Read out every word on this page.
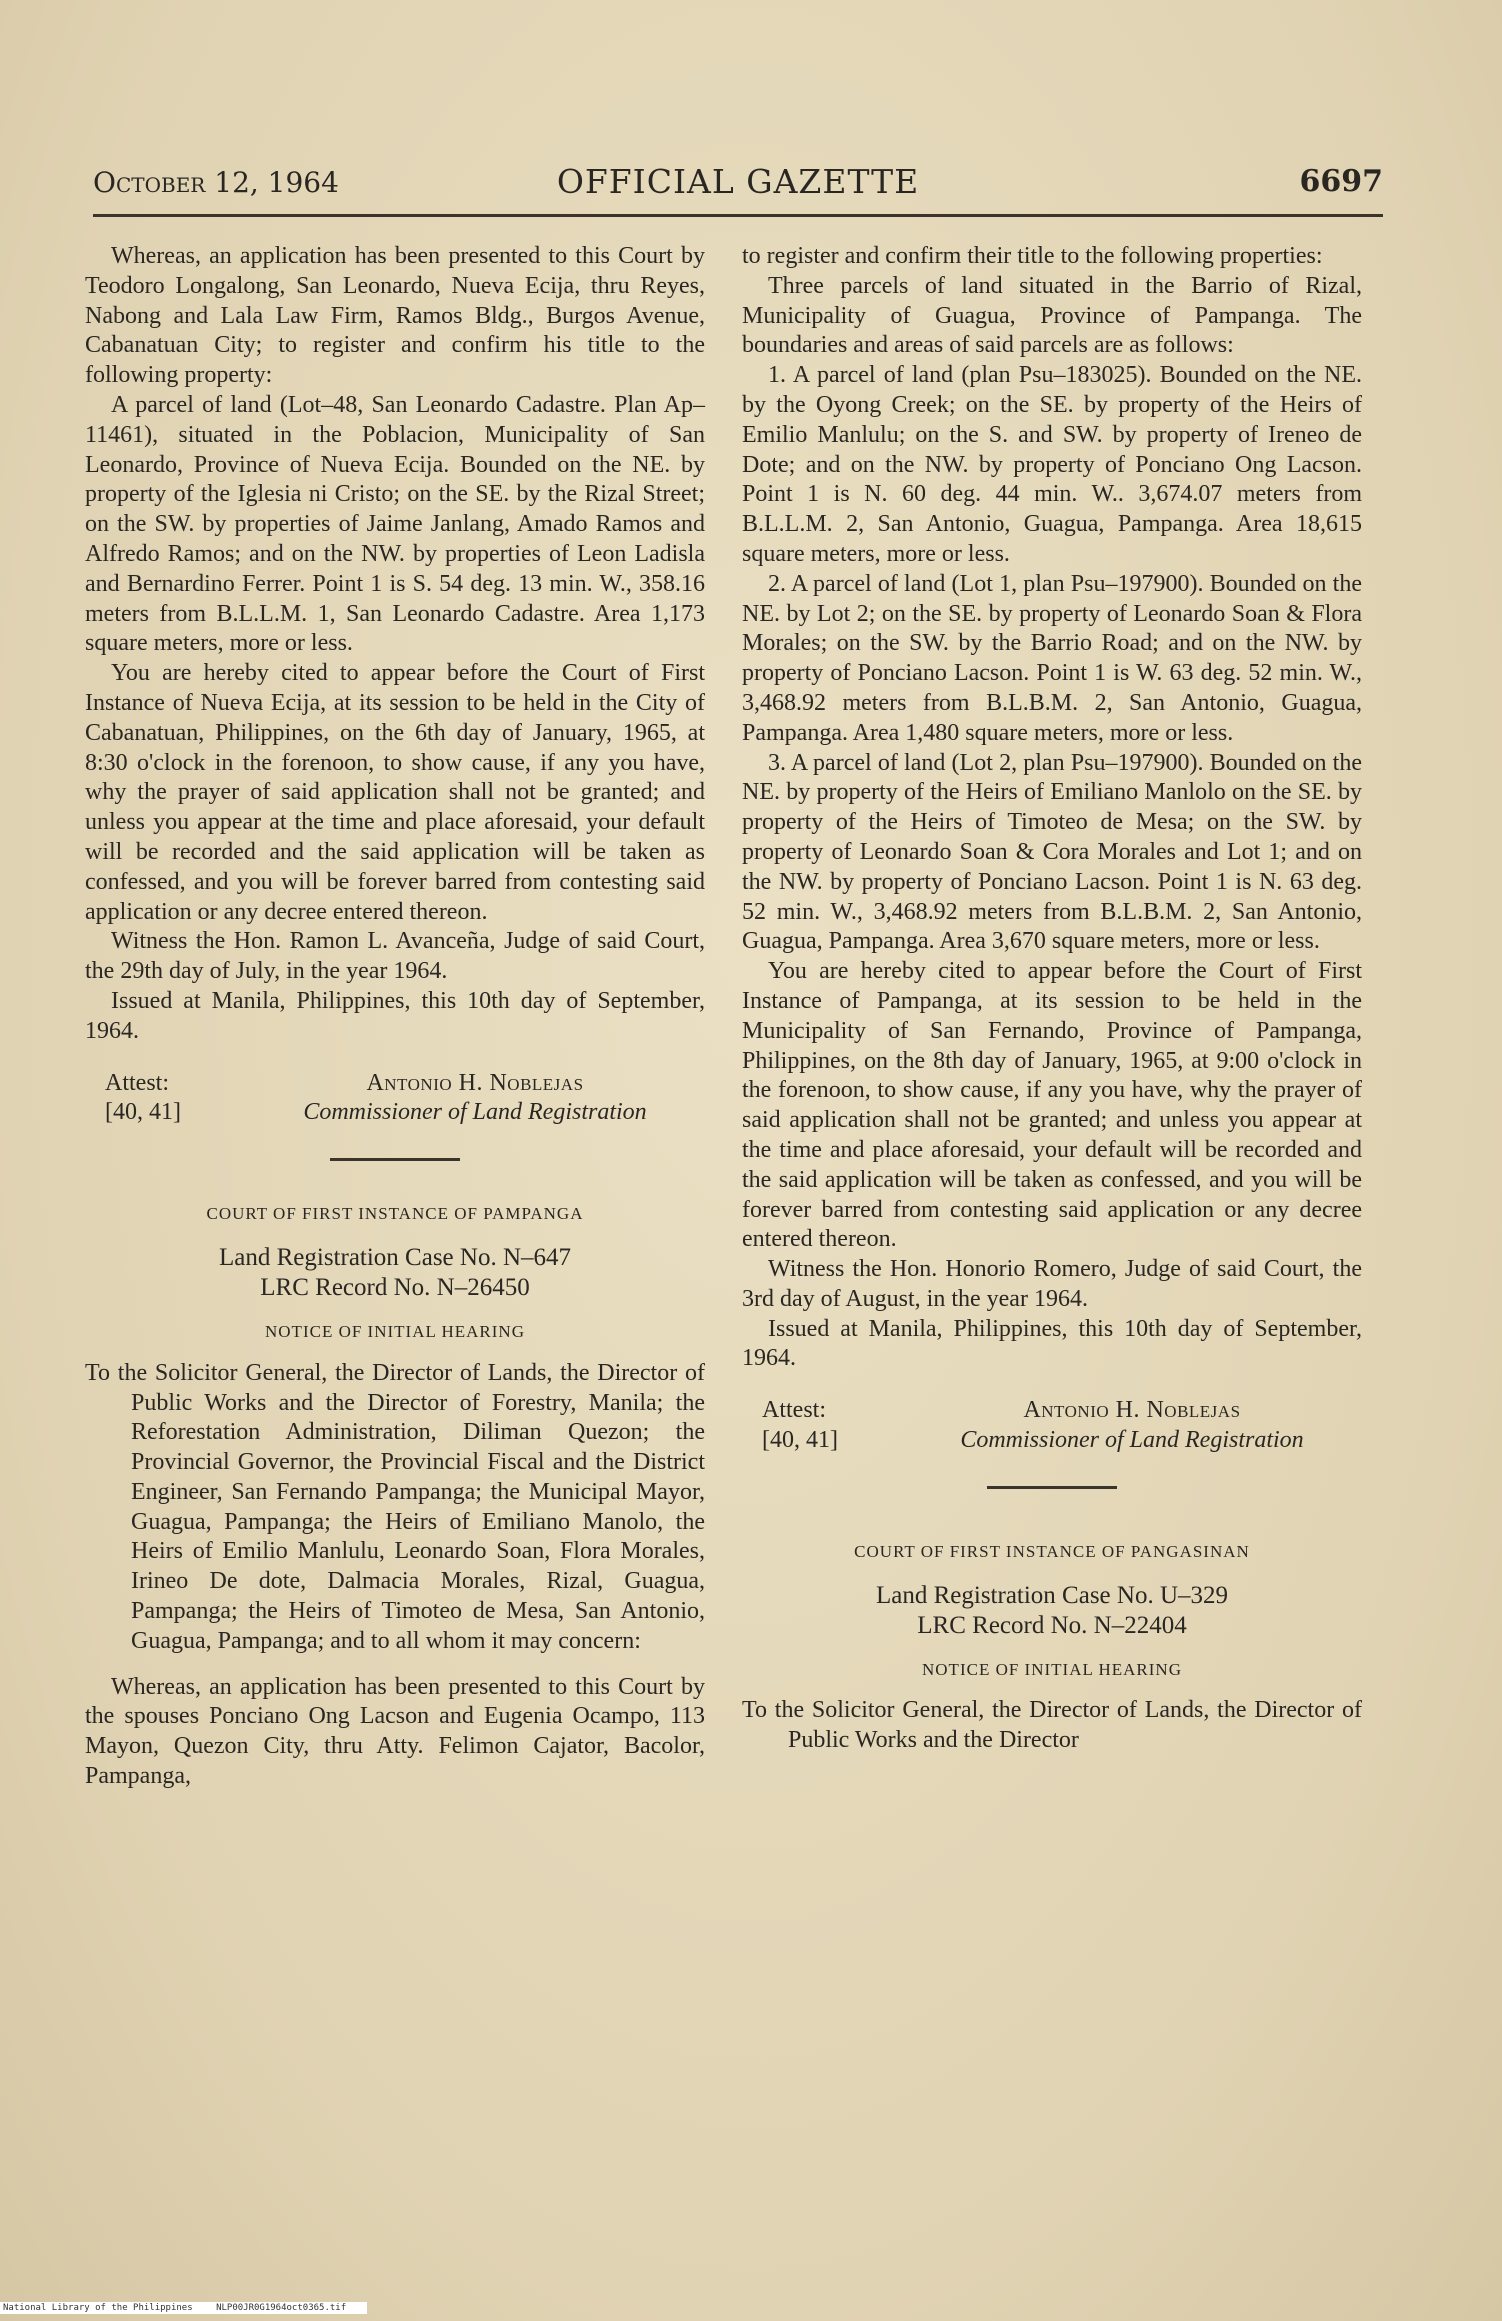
October 12, 1964	OFFICIAL GAZETTE	6697

Whereas, an application has been presented to this Court by Teodoro Longalong, San Leonardo, Nueva Ecija, thru Reyes, Nabong and Lala Law Firm, Ramos Bldg., Burgos Avenue, Cabanatuan City; to register and confirm his title to the following property:

A parcel of land (Lot–48, San Leonardo Cadastre. Plan Ap–11461), situated in the Poblacion, Municipality of San Leonardo, Province of Nueva Ecija. Bounded on the NE. by property of the Iglesia ni Cristo; on the SE. by the Rizal Street; on the SW. by properties of Jaime Janlang, Amado Ramos and Alfredo Ramos; and on the NW. by properties of Leon Ladisla and Bernardino Ferrer. Point 1 is S. 54 deg. 13 min. W., 358.16 meters from B.L.L.M. 1, San Leonardo Cadastre. Area 1,173 square meters, more or less.

You are hereby cited to appear before the Court of First Instance of Nueva Ecija, at its session to be held in the City of Cabanatuan, Philippines, on the 6th day of January, 1965, at 8:30 o'clock in the forenoon, to show cause, if any you have, why the prayer of said application shall not be granted; and unless you appear at the time and place aforesaid, your default will be recorded and the said application will be taken as confessed, and you will be forever barred from contesting said application or any decree entered thereon.

Witness the Hon. Ramon L. Avanceña, Judge of said Court, the 29th day of July, in the year 1964.

Issued at Manila, Philippines, this 10th day of September, 1964.

Attest:
[40, 41]
Antonio H. Noblejas
Commissioner of Land Registration
COURT OF FIRST INSTANCE OF PAMPANGA
Land Registration Case No. N–647
LRC Record No. N–26450
NOTICE OF INITIAL HEARING

To the Solicitor General, the Director of Lands, the Director of Public Works and the Director of Forestry, Manila; the Reforestation Administration, Diliman Quezon; the Provincial Governor, the Provincial Fiscal and the District Engineer, San Fernando Pampanga; the Municipal Mayor, Guagua, Pampanga; the Heirs of Emiliano Manolo, the Heirs of Emilio Manlulu, Leonardo Soan, Flora Morales, Irineo De dote, Dalmacia Morales, Rizal, Guagua, Pampanga; the Heirs of Timoteo de Mesa, San Antonio, Guagua, Pampanga; and to all whom it may concern:

Whereas, an application has been presented to this Court by the spouses Ponciano Ong Lacson and Eugenia Ocampo, 113 Mayon, Quezon City, thru Atty. Felimon Cajator, Bacolor, Pampanga,

to register and confirm their title to the following properties:

Three parcels of land situated in the Barrio of Rizal, Municipality of Guagua, Province of Pampanga. The boundaries and areas of said parcels are as follows:

1. A parcel of land (plan Psu–183025). Bounded on the NE. by the Oyong Creek; on the SE. by property of the Heirs of Emilio Manlulu; on the S. and SW. by property of Ireneo de Dote; and on the NW. by property of Ponciano Ong Lacson. Point 1 is N. 60 deg. 44 min. W.. 3,674.07 meters from B.L.L.M. 2, San Antonio, Guagua, Pampanga. Area 18,615 square meters, more or less.

2. A parcel of land (Lot 1, plan Psu–197900). Bounded on the NE. by Lot 2; on the SE. by property of Leonardo Soan & Flora Morales; on the SW. by the Barrio Road; and on the NW. by property of Ponciano Lacson. Point 1 is W. 63 deg. 52 min. W., 3,468.92 meters from B.L.B.M. 2, San Antonio, Guagua, Pampanga. Area 1,480 square meters, more or less.

3. A parcel of land (Lot 2, plan Psu–197900). Bounded on the NE. by property of the Heirs of Emiliano Manlolo on the SE. by property of the Heirs of Timoteo de Mesa; on the SW. by property of Leonardo Soan & Cora Morales and Lot 1; and on the NW. by property of Ponciano Lacson. Point 1 is N. 63 deg. 52 min. W., 3,468.92 meters from B.L.B.M. 2, San Antonio, Guagua, Pampanga. Area 3,670 square meters, more or less.

You are hereby cited to appear before the Court of First Instance of Pampanga, at its session to be held in the Municipality of San Fernando, Province of Pampanga, Philippines, on the 8th day of January, 1965, at 9:00 o'clock in the forenoon, to show cause, if any you have, why the prayer of said application shall not be granted; and unless you appear at the time and place aforesaid, your default will be recorded and the said application will be taken as confessed, and you will be forever barred from contesting said application or any decree entered thereon.

Witness the Hon. Honorio Romero, Judge of said Court, the 3rd day of August, in the year 1964.

Issued at Manila, Philippines, this 10th day of September, 1964.

Attest:
[40, 41]
Antonio H. Noblejas
Commissioner of Land Registration
COURT OF FIRST INSTANCE OF PANGASINAN
Land Registration Case No. U–329
LRC Record No. N–22404
NOTICE OF INITIAL HEARING

To the Solicitor General, the Director of Lands, the Director of Public Works and the Director

National Library of the Philippines	NLP00JR0G1964oct0365.tif
